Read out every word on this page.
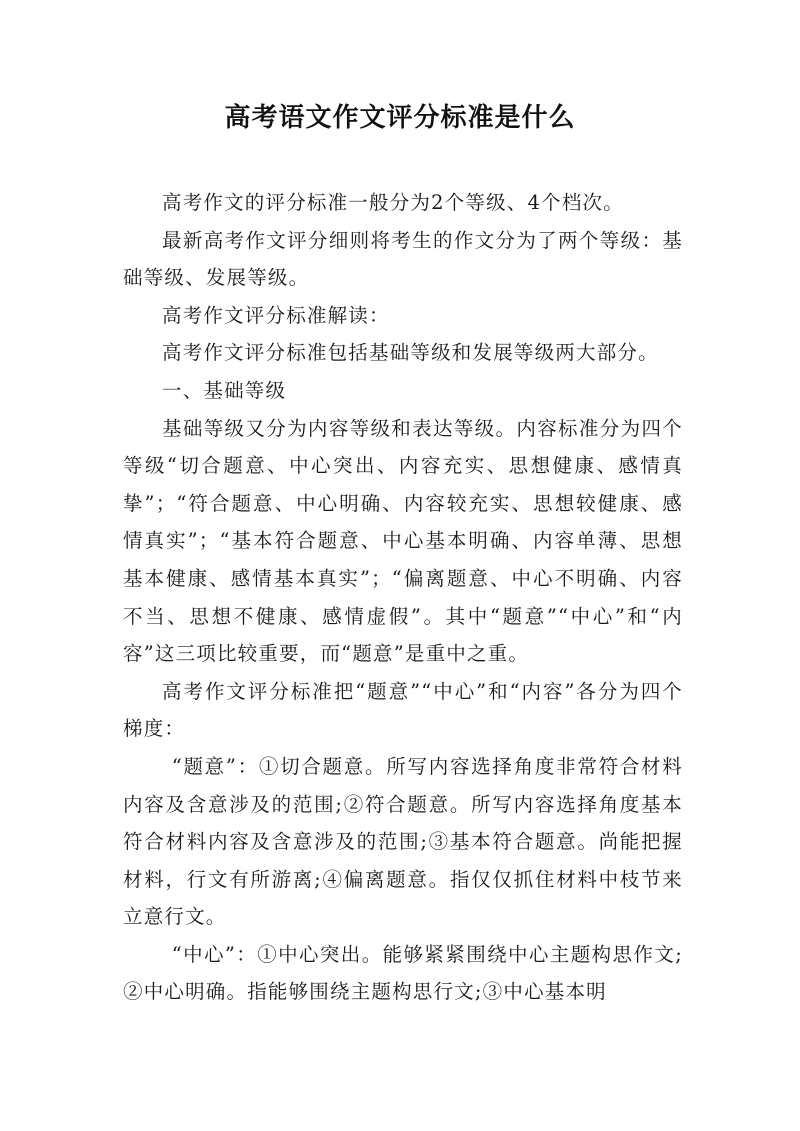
高考语文作文评分标准是什么

高考作文的评分标准一般分为2个等级、4个档次。

最新高考作文评分细则将考生的作文分为了两个等级：基础等级、发展等级。

高考作文评分标准解读：

高考作文评分标准包括基础等级和发展等级两大部分。

一、基础等级

基础等级又分为内容等级和表达等级。内容标准分为四个等级“切合题意、中心突出、内容充实、思想健康、感情真挚”；“符合题意、中心明确、内容较充实、思想较健康、感情真实”；“基本符合题意、中心基本明确、内容单薄、思想基本健康、感情基本真实”；“偏离题意、中心不明确、内容不当、思想不健康、感情虚假”。其中“题意”“中心”和“内容”这三项比较重要，而“题意”是重中之重。

高考作文评分标准把“题意”“中心”和“内容”各分为四个梯度：

“题意”：①切合题意。所写内容选择角度非常符合材料内容及含意涉及的范围;②符合题意。所写内容选择角度基本符合材料内容及含意涉及的范围;③基本符合题意。尚能把握材料，行文有所游离;④偏离题意。指仅仅抓住材料中枝节来立意行文。

“中心”：①中心突出。能够紧紧围绕中心主题构思作文;②中心明确。指能够围绕主题构思行文;③中心基本明
